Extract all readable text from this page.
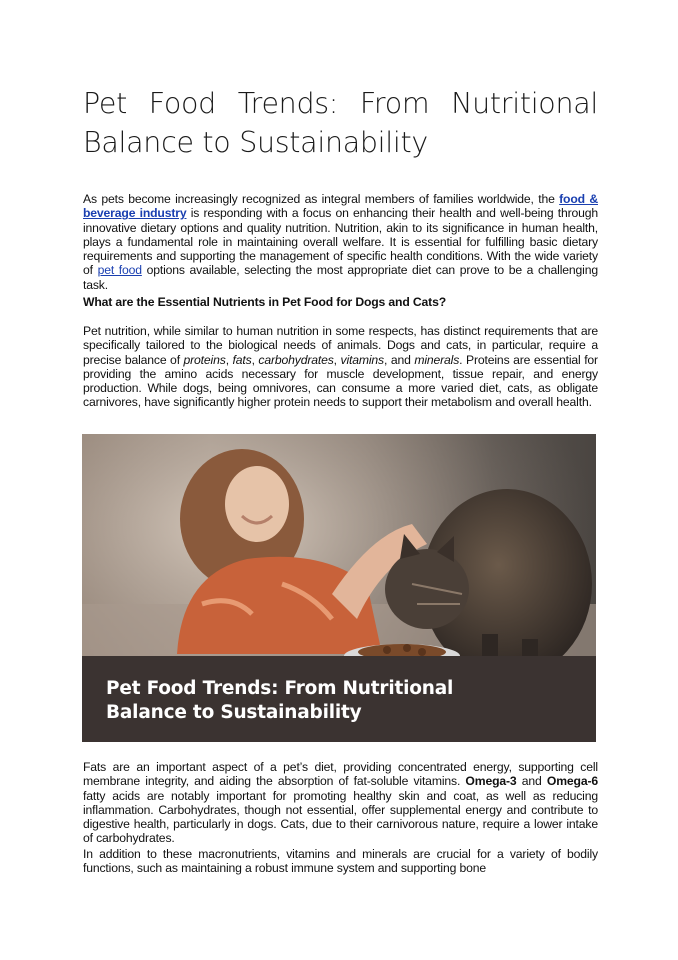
Pet Food Trends: From Nutritional Balance to Sustainability
As pets become increasingly recognized as integral members of families worldwide, the food & beverage industry is responding with a focus on enhancing their health and well-being through innovative dietary options and quality nutrition. Nutrition, akin to its significance in human health, plays a fundamental role in maintaining overall welfare. It is essential for fulfilling basic dietary requirements and supporting the management of specific health conditions. With the wide variety of pet food options available, selecting the most appropriate diet can prove to be a challenging task.
What are the Essential Nutrients in Pet Food for Dogs and Cats?
Pet nutrition, while similar to human nutrition in some respects, has distinct requirements that are specifically tailored to the biological needs of animals. Dogs and cats, in particular, require a precise balance of proteins, fats, carbohydrates, vitamins, and minerals. Proteins are essential for providing the amino acids necessary for muscle development, tissue repair, and energy production. While dogs, being omnivores, can consume a more varied diet, cats, as obligate carnivores, have significantly higher protein needs to support their metabolism and overall health.
Pet Food Trends: From Nutritional
Balance to Sustainability
Fats are an important aspect of a pet’s diet, providing concentrated energy, supporting cell membrane integrity, and aiding the absorption of fat-soluble vitamins. Omega-3 and Omega-6 fatty acids are notably important for promoting healthy skin and coat, as well as reducing inflammation. Carbohydrates, though not essential, offer supplemental energy and contribute to digestive health, particularly in dogs. Cats, due to their carnivorous nature, require a lower intake of carbohydrates.
In addition to these macronutrients, vitamins and minerals are crucial for a variety of bodily functions, such as maintaining a robust immune system and supporting bone
